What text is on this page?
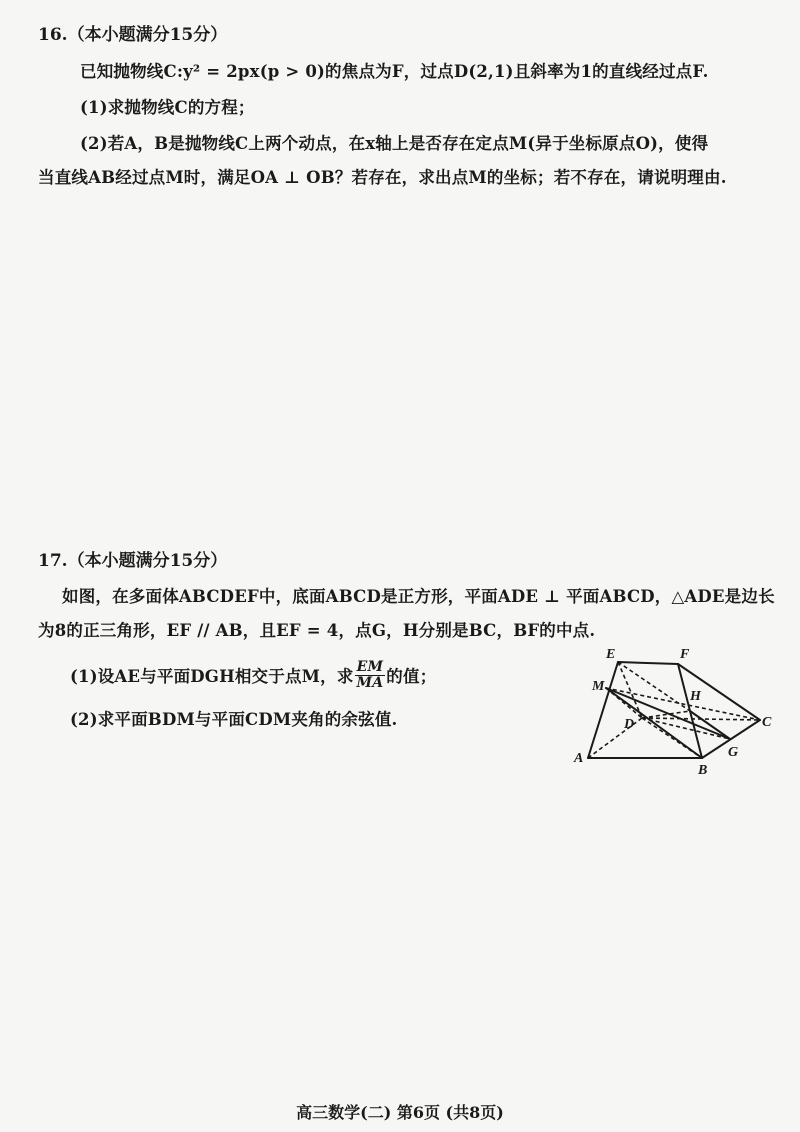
16.（本小题满分15分）
已知抛物线C:y² = 2px(p > 0)的焦点为F，过点D(2,1)且斜率为1的直线经过点F.
(1)求抛物线C的方程；
(2)若A，B是抛物线C上两个动点，在x轴上是否存在定点M(异于坐标原点O)，使得
当直线AB经过点M时，满足OA ⊥ OB？若存在，求出点M的坐标；若不存在，请说明理由.
17.（本小题满分15分）
如图，在多面体ABCDEF中，底面ABCD是正方形，平面ADE ⊥ 平面ABCD，△ADE是边长
为8的正三角形，EF // AB，且EF = 4，点G，H分别是BC，BF的中点.
(1)设AE与平面DGH相交于点M，求 $\frac{EM}{MA}$ 的值；
(2)求平面BDM与平面CDM夹角的余弦值.
E	F
M
H
D	C
A	G
B
高三数学(二) 第6页 (共8页)
